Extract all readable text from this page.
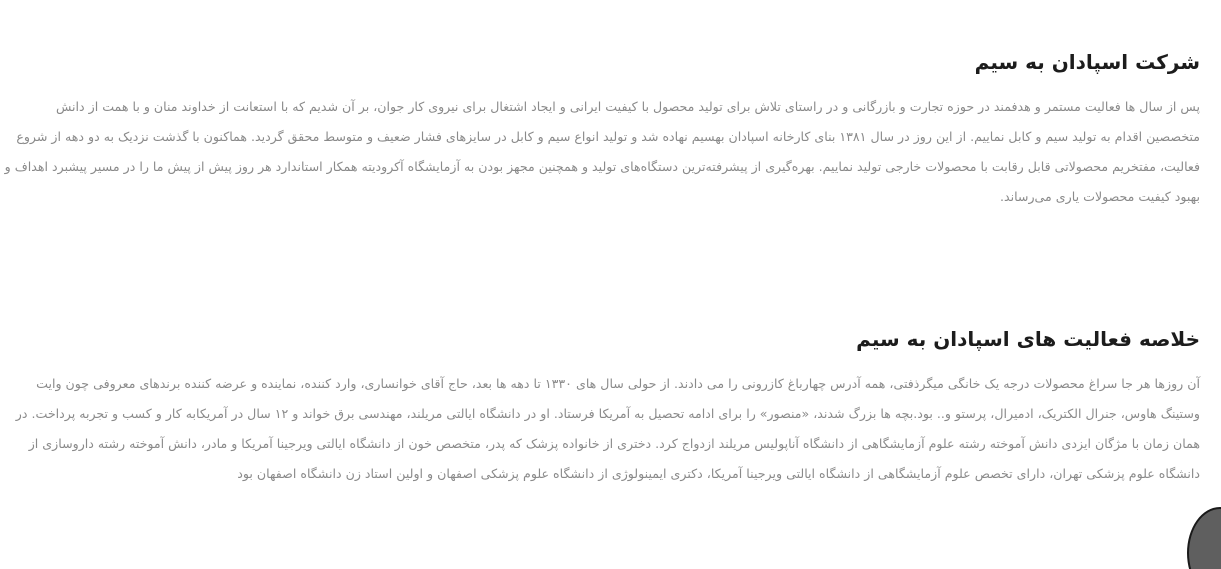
شرکت اسپادان به سیم

پس از سال ها فعالیت مستمر و هدفمند در حوزه تجارت و بازرگانی و در راستای تلاش برای تولید محصول با کیفیت ایرانی و ایجاد اشتغال برای نیروی کار جوان، بر آن شدیم که با استعانت از خداوند منان و با همت از دانش متخصصین اقدام به تولید سیم و کابل نماییم. از این روز در سال ۱۳۸۱ بنای کارخانه اسپادان بهسیم نهاده شد و تولید انواع سیم و کابل در سایزهای فشار ضعیف و متوسط محقق گردید. هماکنون با گذشت نزدیک به دو دهه از شروع فعالیت، مفتخریم محصولاتی قابل رقابت با محصولات خارجی تولید نماییم. بهره‌گیری از پیشرفته‌ترین دستگاه‌های تولید و همچنین مجهز بودن به آزمایشگاه آکرودیته همکار استاندارد هر روز پیش از پیش ما را در مسیر پیشبرد اهداف و بهبود کیفیت محصولات یاری می‌رساند.

خلاصه فعالیت های اسپادان به سیم

آن روزها هر جا سراغ محصولات درجه یک خانگی میگرذفتی، همه آدرس چهارباغ کازرونی را می دادند. از حولی سال های ۱۳۳۰ تا دهه ها بعد، حاج آقای خوانساری، وارد کننده، نماینده و عرضه کننده برندهای معروفی چون وایت وستینگ هاوس، جنرال الکتریک، ادمیرال، پرستو و.. بود.بچه ها بزرگ شدند، «منصور» را برای ادامه تحصیل به آمریکا فرستاد. او در دانشگاه ایالتی مریلند، مهندسی برق خواند و ۱۲ سال در آمریکابه کار و کسب و تجربه پرداخت. در همان زمان با مژگان ایزدی دانش آموخته رشته علوم آزمایشگاهی از دانشگاه آناپولیس مریلند ازدواج کرد. دختری از خانواده پزشک که پدر، متخصص خون از دانشگاه ایالتی ویرجینا آمریکا و مادر، دانش آموخته رشته داروسازی از دانشگاه علوم پزشکی تهران، دارای تخصص علوم آزمایشگاهی از دانشگاه ایالتی ویرجینا آمریکا، دکتری ایمینولوژی از دانشگاه علوم پزشکی اصفهان و اولین استاد زن دانشگاه اصفهان بود
